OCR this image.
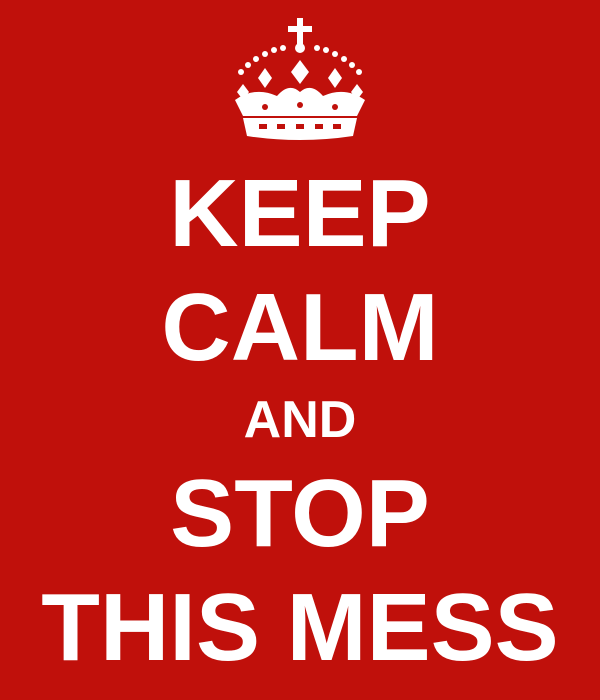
KEEP
CALM
AND
STOP
THIS MESS
